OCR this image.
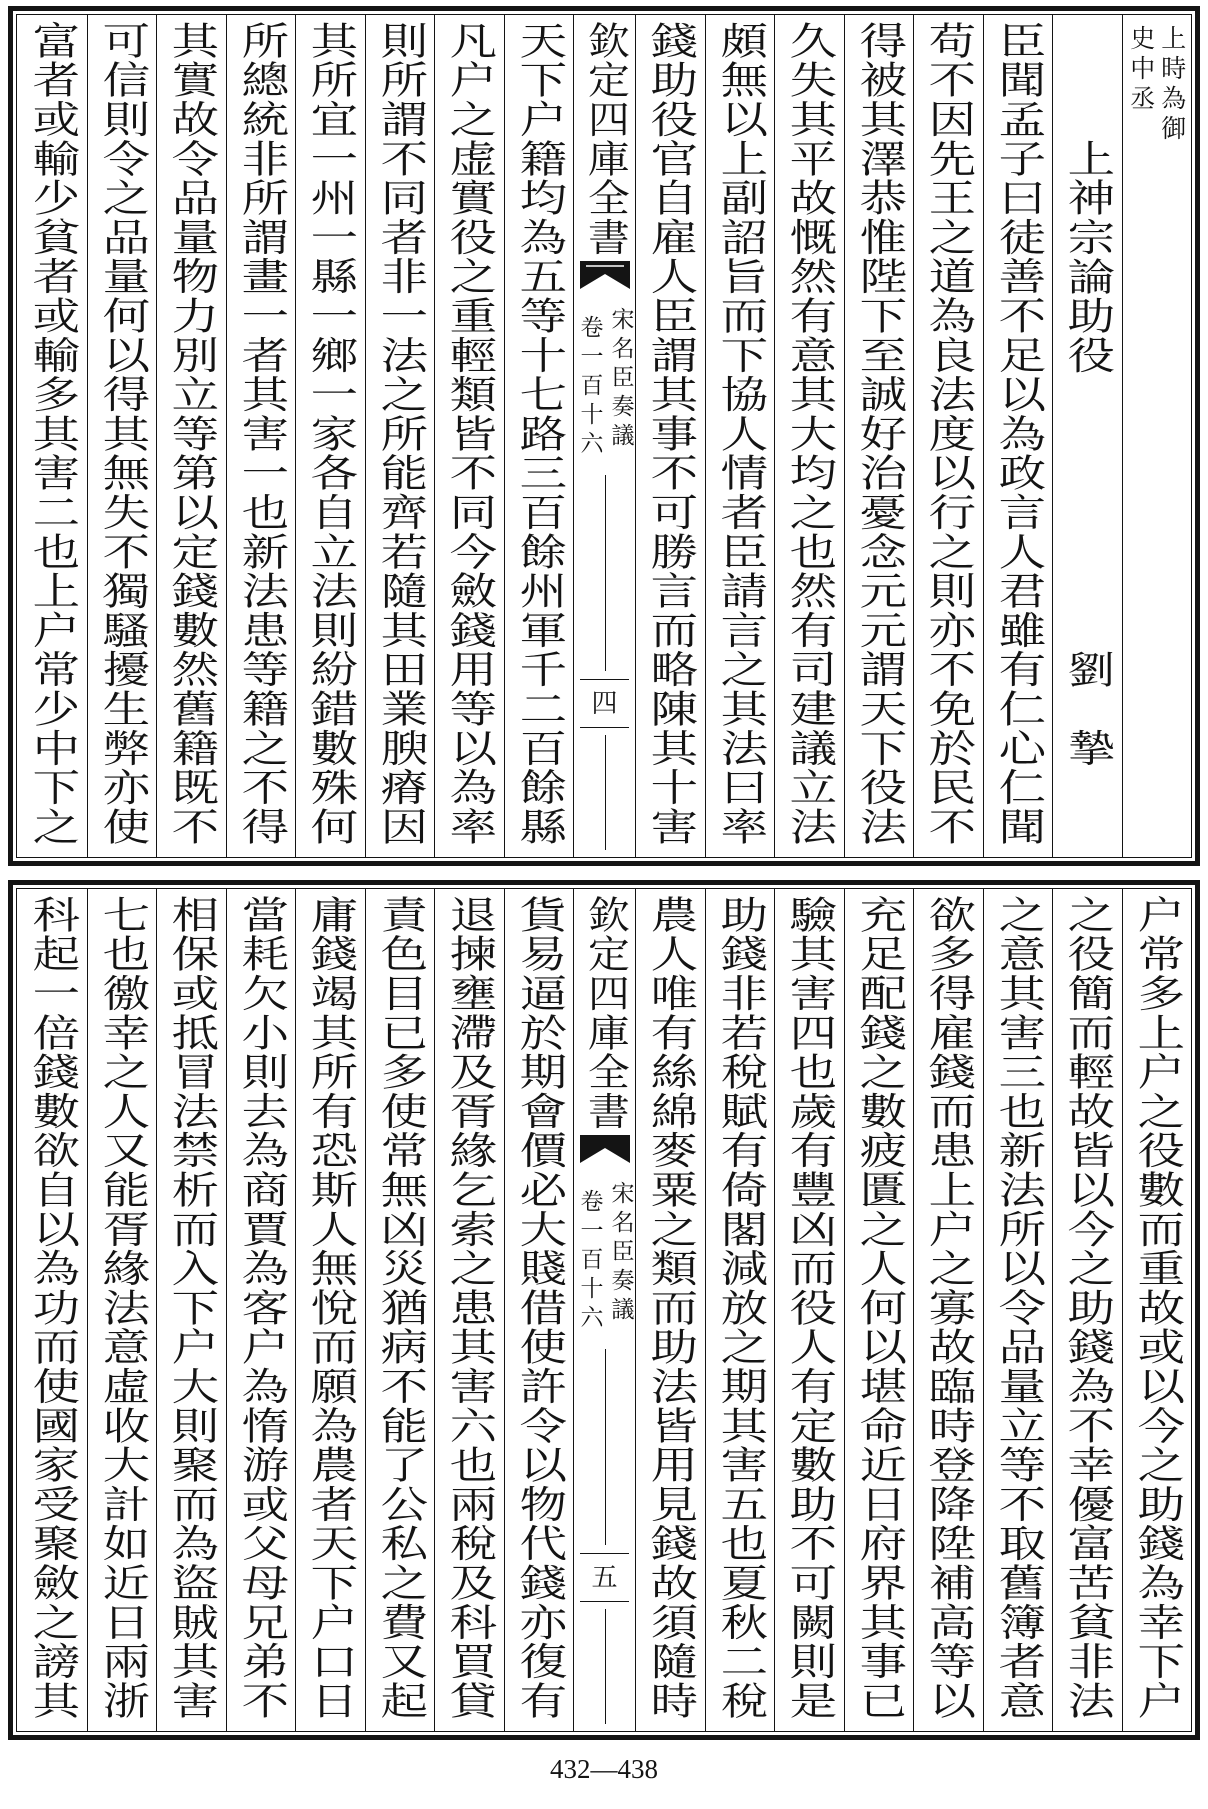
上時為御
史中丞
上神宗論助役
劉　摯
臣聞孟子曰徒善不足以為政言人君雖有仁心仁聞
苟不因先王之道為良法度以行之則亦不免於民不
得被其澤恭惟陛下至誠好治憂念元元謂天下役法
久失其平故慨然有意其大均之也然有司建議立法
頗無以上副詔旨而下協人情者臣請言之其法曰率
錢助役官自雇人臣謂其事不可勝言而略陳其十害
欽定四庫全書
宋名臣奏議
卷一百十六
四
天下户籍均為五等十七路三百餘州軍千二百餘縣
凡户之虚實役之重輕類皆不同今斂錢用等以為率
則所謂不同者非一法之所能齊若隨其田業腴瘠因
其所宜一州一縣一鄉一家各自立法則紛錯數殊何
所總統非所謂畫一者其害一也新法患等籍之不得
其實故令品量物力別立等第以定錢數然舊籍既不
可信則令之品量何以得其無失不獨騷擾生弊亦使
富者或輸少貧者或輸多其害二也上户常少中下之
户常多上户之役數而重故或以今之助錢為幸下户
之役簡而輕故皆以今之助錢為不幸優富苦貧非法
之意其害三也新法所以令品量立等不取舊簿者意
欲多得雇錢而患上户之寡故臨時登降陞補高等以
充足配錢之數疲匱之人何以堪命近日府界其事已
驗其害四也歲有豐凶而役人有定數助不可闕則是
助錢非若稅賦有倚閣減放之期其害五也夏秋二稅
農人唯有絲綿麥粟之類而助法皆用見錢故須隨時
欽定四庫全書
宋名臣奏議
卷一百十六
五
貨易逼於期會價必大賤借使許令以物代錢亦復有
退揀壅滯及胥緣乞索之患其害六也兩稅及科買貸
責色目已多使常無凶災猶病不能了公私之費又起
庸錢竭其所有恐斯人無悅而願為農者天下户口日
當耗欠小則去為商賈為客户為惰游或父母兄弟不
相保或抵冒法禁析而入下户大則聚而為盜賊其害
七也徼幸之人又能胥緣法意虛收大計如近日兩浙
科起一倍錢數欲自以為功而使國家受聚斂之謗其
432—438
